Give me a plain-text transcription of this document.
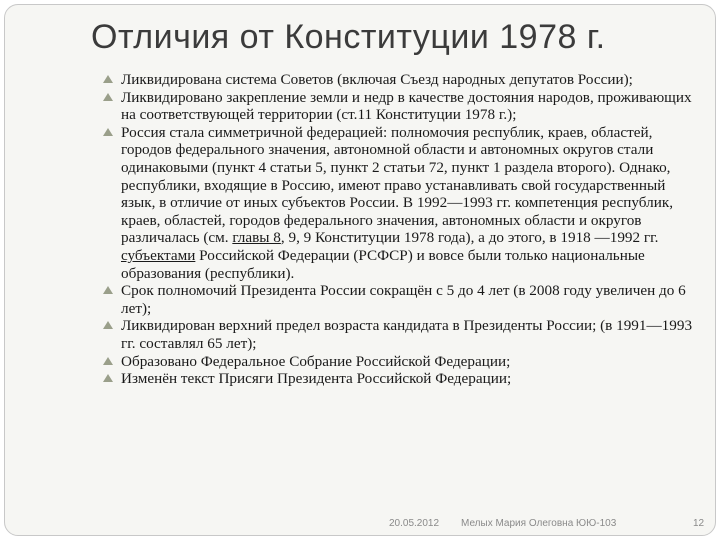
Отличия от Конституции 1978 г.
Ликвидирована система Советов (включая Съезд народных депутатов России);
Ликвидировано закрепление земли и недр в качестве достояния народов, проживающих на соответствующей территории (ст.11 Конституции 1978 г.);
Россия стала симметричной федерацией: полномочия республик, краев, областей, городов федерального значения, автономной области и автономных округов стали одинаковыми (пункт 4 статьи 5, пункт 2 статьи 72, пункт 1 раздела второго). Однако, республики, входящие в Россию, имеют право устанавливать свой государственный язык, в отличие от иных субъектов России. В 1992—1993 гг. компетенция республик, краев, областей, городов федерального значения, автономных области и округов различалась (см. главы 8, 9, 9 Конституции 1978 года), а до этого, в 1918 —1992 гг. субъектами Российской Федерации (РСФСР) и вовсе были только национальные образования (республики).
Срок полномочий Президента России сокращён с 5 до 4 лет (в 2008 году увеличен до 6 лет);
Ликвидирован верхний предел возраста кандидата в Президенты России; (в 1991—1993 гг. составлял 65 лет);
Образовано Федеральное Собрание Российской Федерации;
Изменён текст Присяги Президента Российской Федерации;
20.05.2012 Мелых Мария Олеговна ЮЮ-103	12
